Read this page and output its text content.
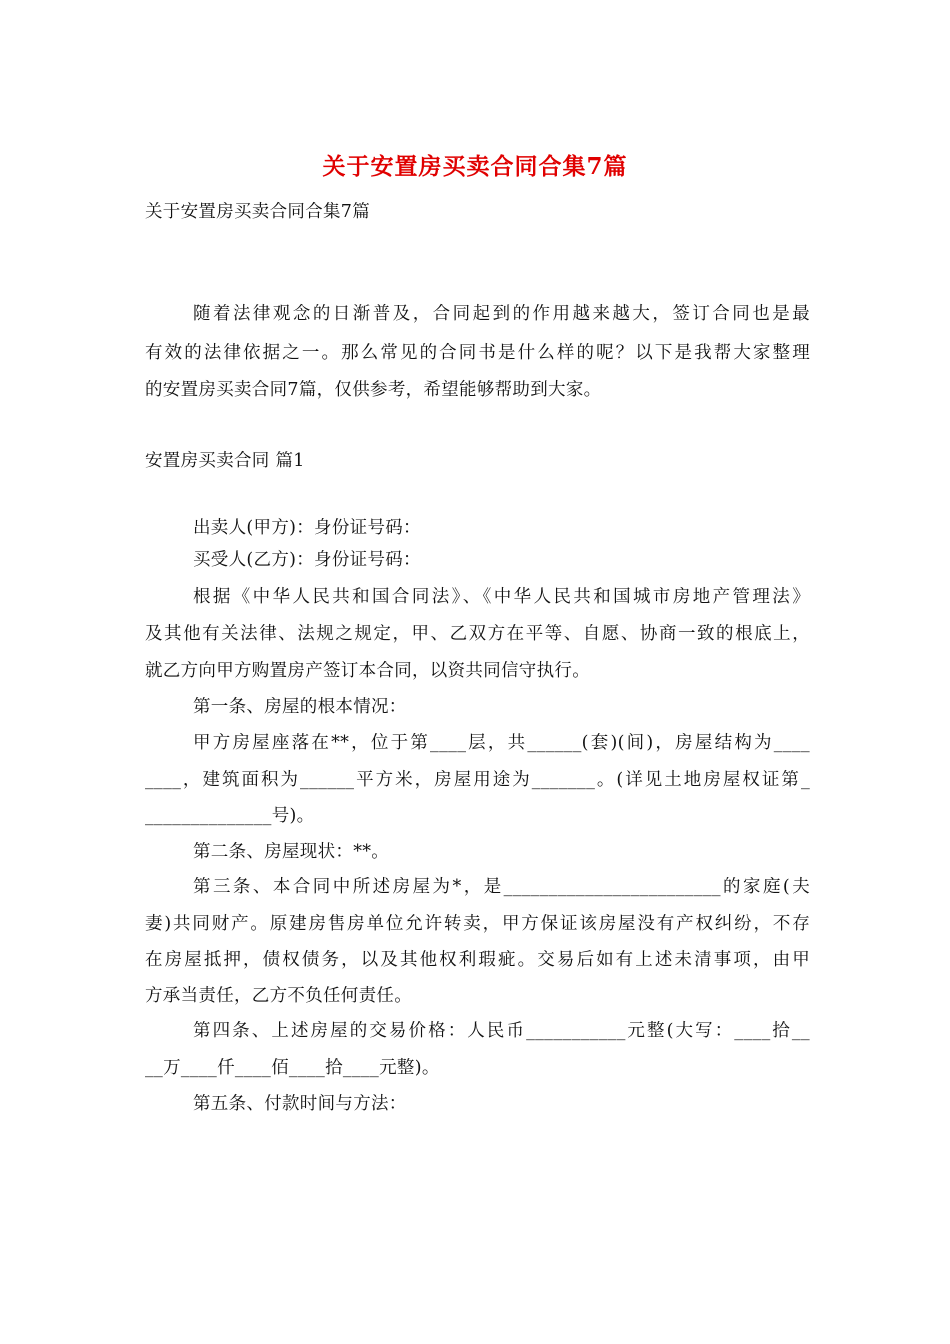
关于安置房买卖合同合集7篇
关于安置房买卖合同合集7篇
随着法律观念的日渐普及，合同起到的作用越来越大，签订合同也是最
有效的法律依据之一。那么常见的合同书是什么样的呢？以下是我帮大家整理
的安置房买卖合同7篇，仅供参考，希望能够帮助到大家。
安置房买卖合同 篇1
出卖人(甲方)：身份证号码：
买受人(乙方)：身份证号码：
根据《中华人民共和国合同法》、《中华人民共和国城市房地产管理法》
及其他有关法律、法规之规定，甲、乙双方在平等、自愿、协商一致的根底上，
就乙方向甲方购置房产签订本合同，以资共同信守执行。
第一条、房屋的根本情况：
甲方房屋座落在**，位于第____层，共______(套)(间)，房屋结构为____
____，建筑面积为______平方米，房屋用途为_______。(详见土地房屋权证第_
______________号)。
第二条、房屋现状：**。
第三条、本合同中所述房屋为*，是________________________的家庭(夫
妻)共同财产。原建房售房单位允许转卖，甲方保证该房屋没有产权纠纷，不存
在房屋抵押，债权债务，以及其他权利瑕疵。交易后如有上述未清事项，由甲
方承当责任，乙方不负任何责任。
第四条、上述房屋的交易价格：人民币___________元整(大写：____拾__
__万____仟____佰____拾____元整)。
第五条、付款时间与方法：
